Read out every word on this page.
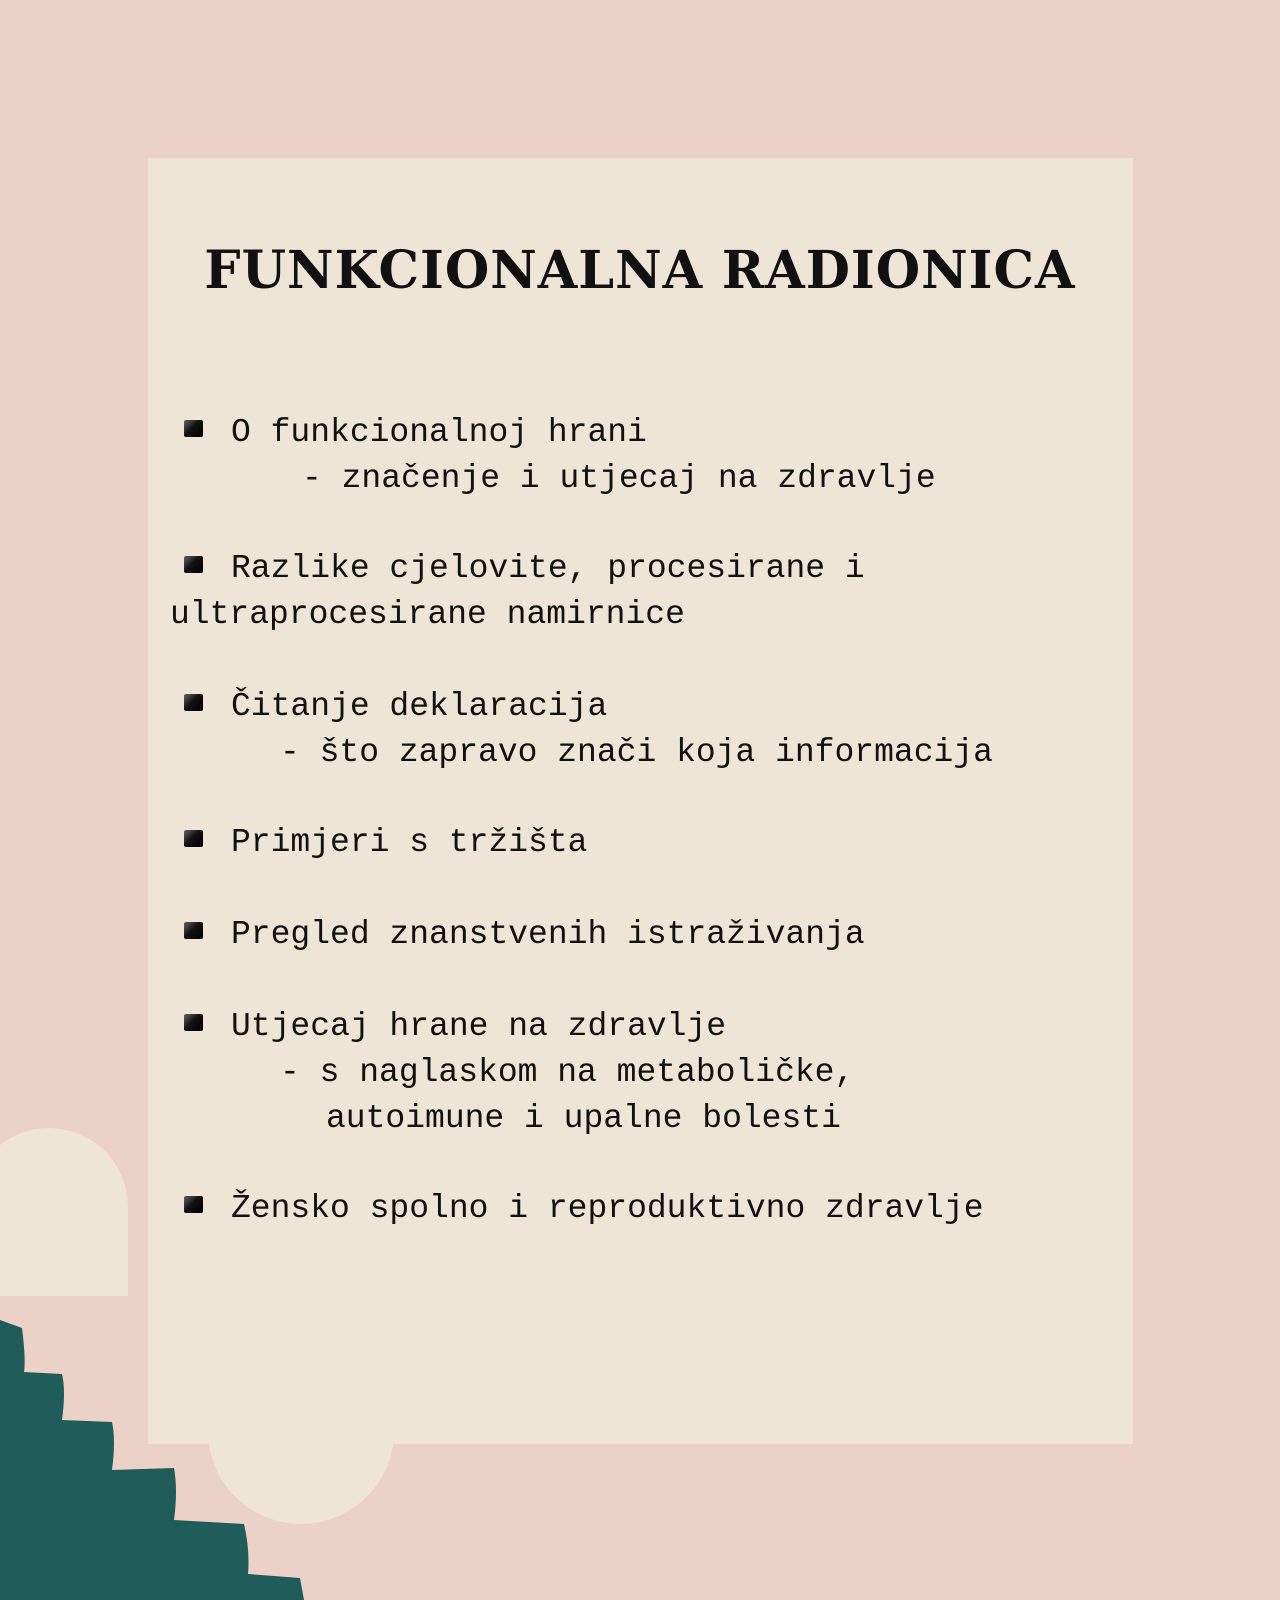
FUNKCIONALNA RADIONICA
O funkcionalnoj hrani
- značenje i utjecaj na zdravlje
Razlike cjelovite, procesirane i
ultraprocesirane namirnice
Čitanje deklaracija
- što zapravo znači koja informacija
Primjeri s tržišta
Pregled znanstvenih istraživanja
Utjecaj hrane na zdravlje
- s naglaskom na metaboličke,
autoimune i upalne bolesti
Žensko spolno i reproduktivno zdravlje
